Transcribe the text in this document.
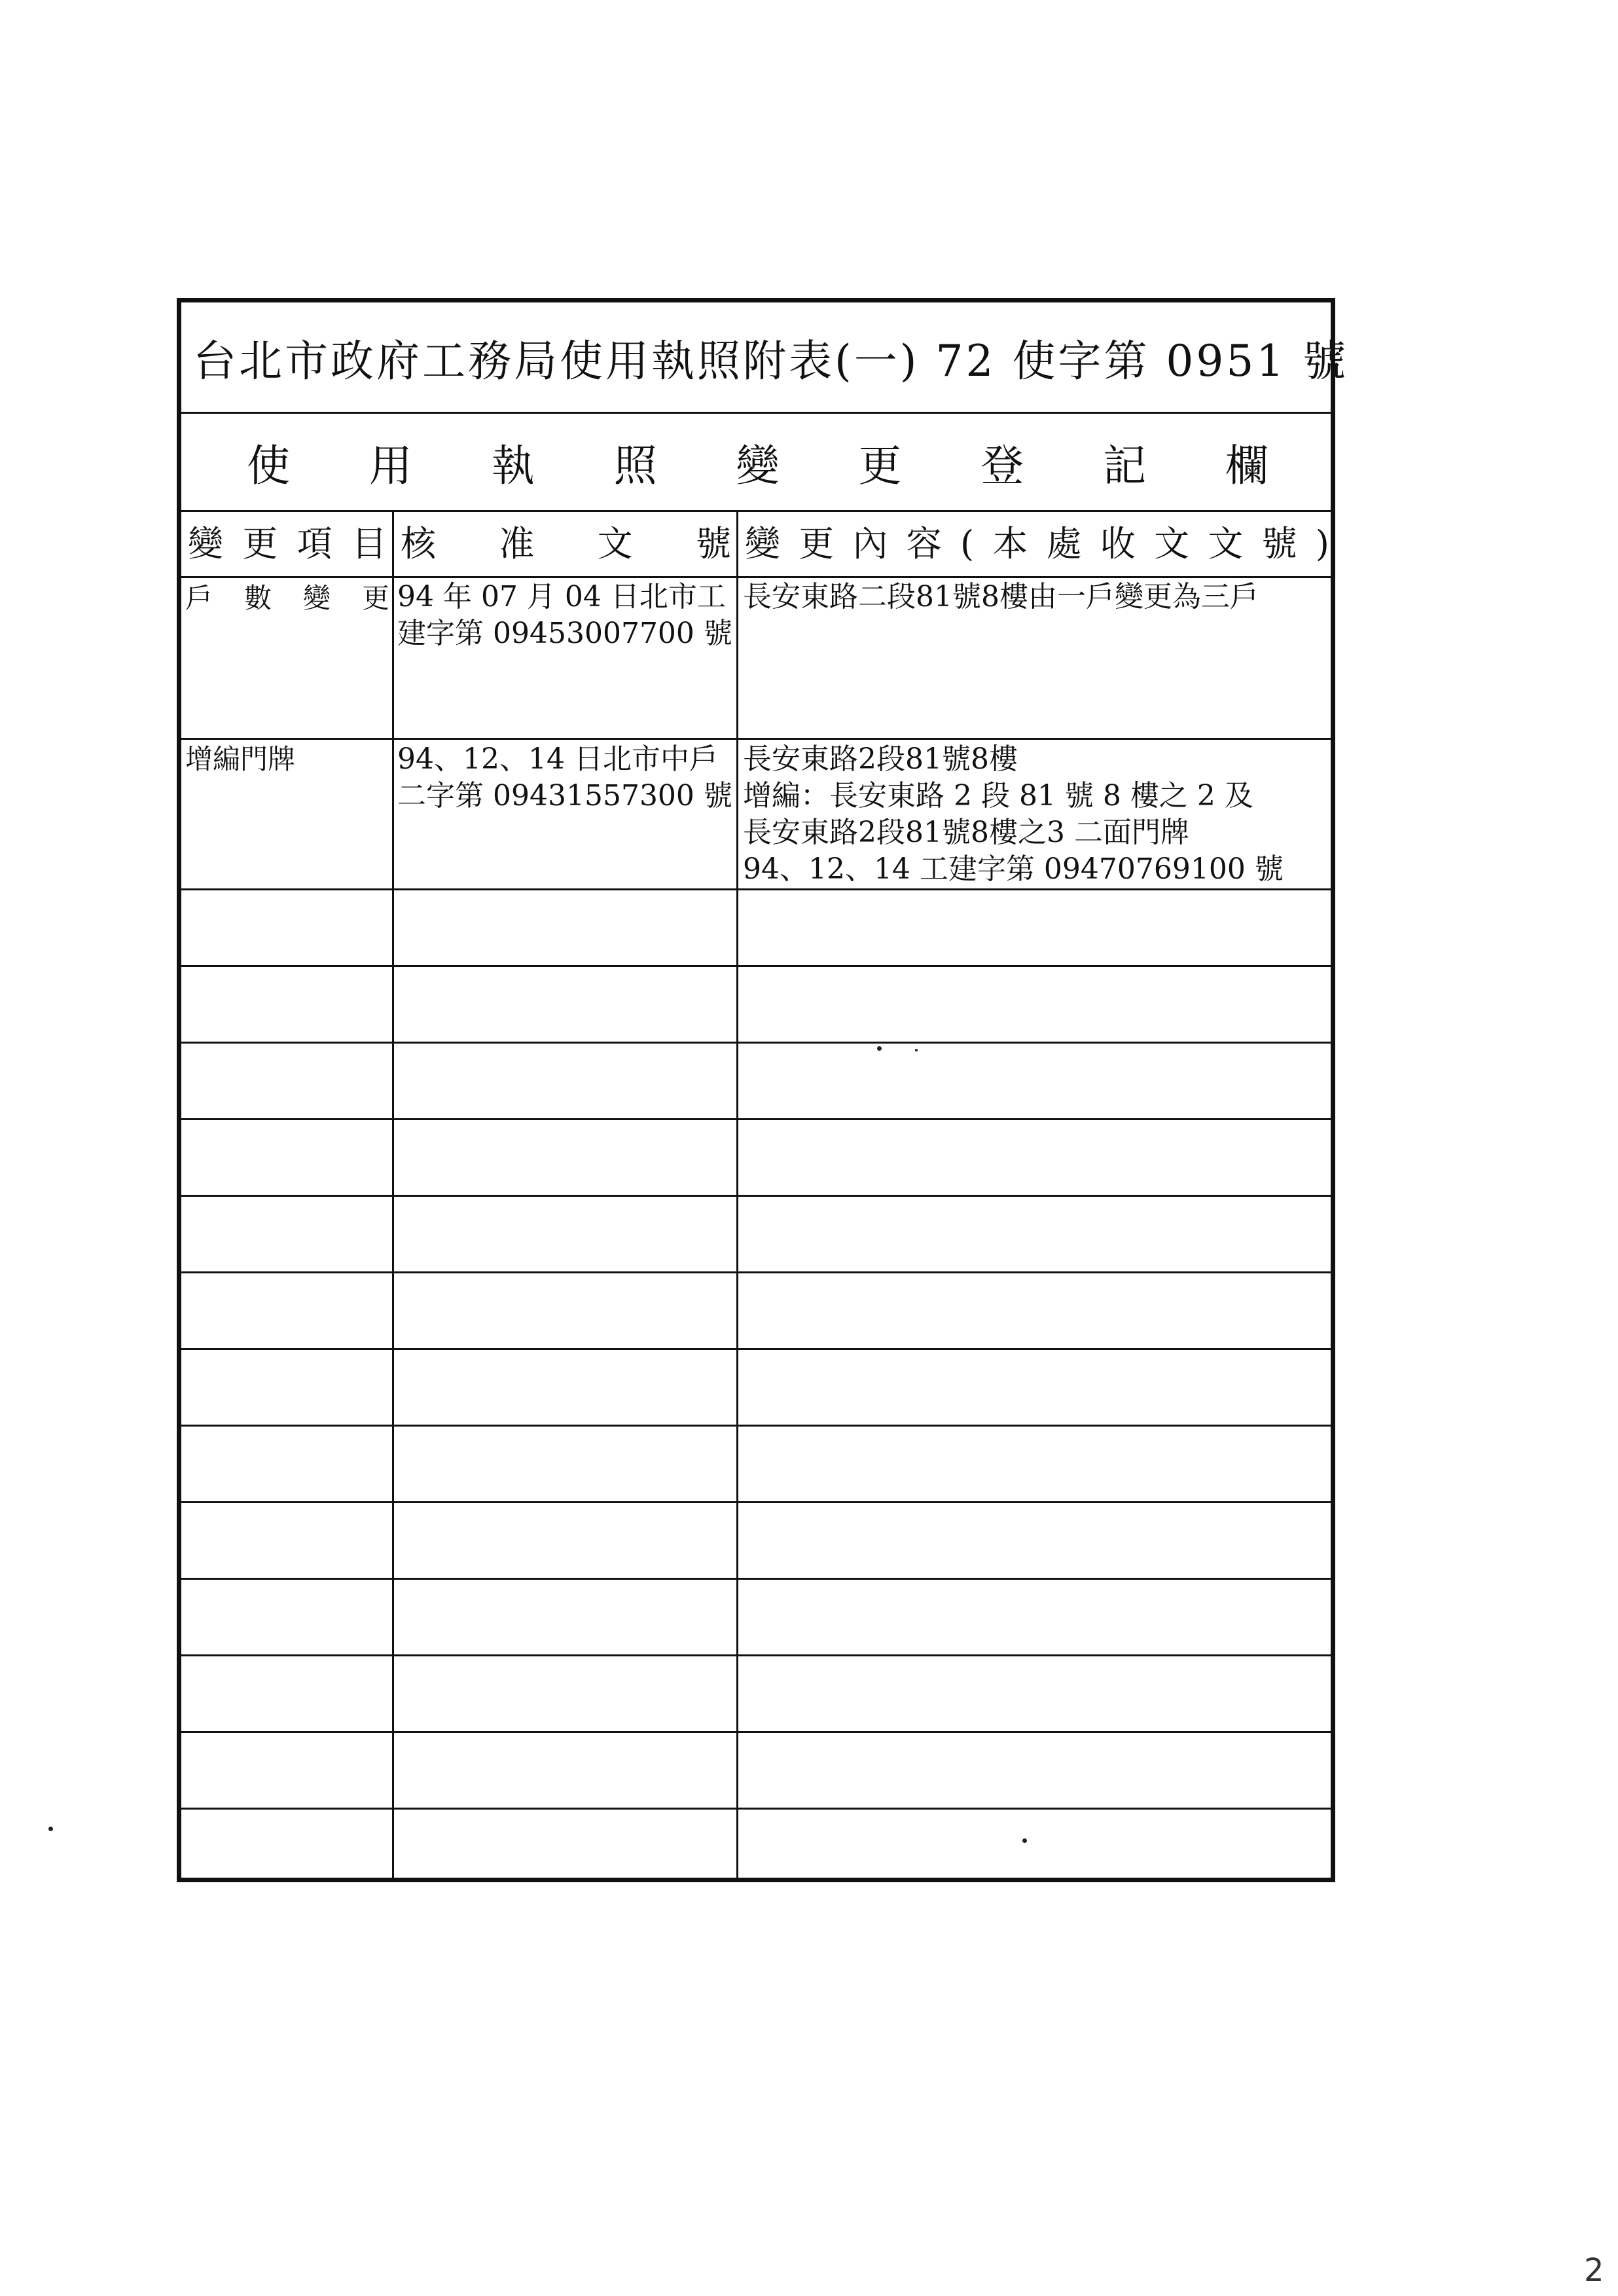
台北市政府工務局使用執照附表(一) 72 使字第 0951 號
使 用 執 照 變 更 登 記 欄
變 更 項 目 核 准 文 號 變 更 內 容 ( 本 處 收 文 文 號 )
戶 數 變 更 94 年 07 月 04 日北市工
建字第 09453007700 號
長安東路二段81號8樓由一戶變更為三戶
增編門牌	94、12、14 日北市中戶
二字第 09431557300 號
長安東路2段81號8樓
增編：長安東路 2 段 81 號 8 樓之 2 及
長安東路2段81號8樓之3 二面門牌
94、12、14 工建字第 09470769100 號
2
